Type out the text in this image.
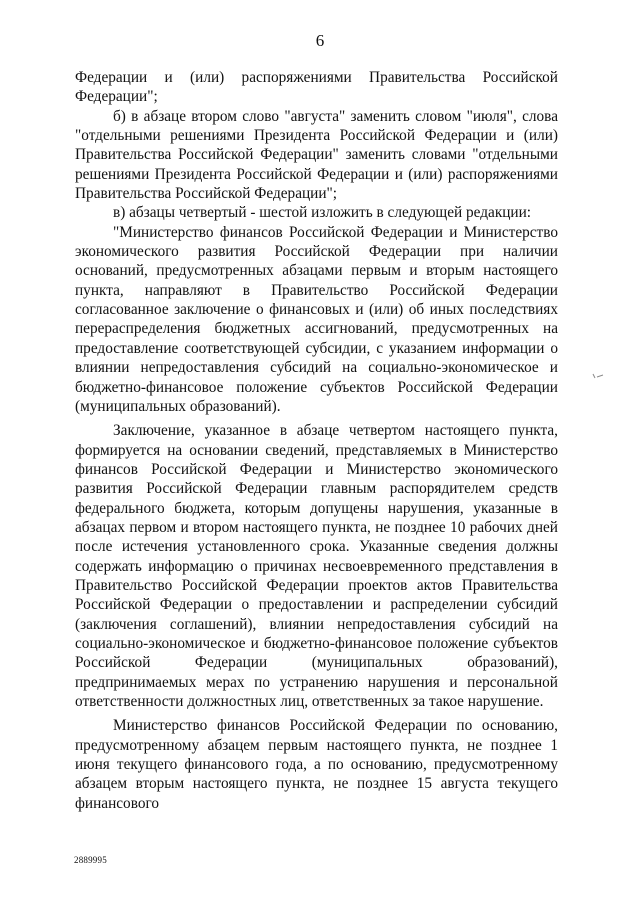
6

Федерации и (или) распоряжениями Правительства Российской Федерации";

б) в абзаце втором слово "августа" заменить словом "июля", слова "отдельными решениями Президента Российской Федерации и (или) Правительства Российской Федерации" заменить словами "отдельными решениями Президента Российской Федерации и (или) распоряжениями Правительства Российской Федерации";

в) абзацы четвертый - шестой изложить в следующей редакции:

"Министерство финансов Российской Федерации и Министерство экономического развития Российской Федерации при наличии оснований, предусмотренных абзацами первым и вторым настоящего пункта, направляют в Правительство Российской Федерации согласованное заключение о финансовых и (или) об иных последствиях перераспределения бюджетных ассигнований, предусмотренных на предоставление соответствующей субсидии, с указанием информации о влиянии непредоставления субсидий на социально-экономическое и бюджетно-финансовое положение субъектов Российской Федерации (муниципальных образований).

Заключение, указанное в абзаце четвертом настоящего пункта, формируется на основании сведений, представляемых в Министерство финансов Российской Федерации и Министерство экономического развития Российской Федерации главным распорядителем средств федерального бюджета, которым допущены нарушения, указанные в абзацах первом и втором настоящего пункта, не позднее 10 рабочих дней после истечения установленного срока. Указанные сведения должны содержать информацию о причинах несвоевременного представления в Правительство Российской Федерации проектов актов Правительства Российской Федерации о предоставлении и распределении субсидий (заключения соглашений), влиянии непредоставления субсидий на социально-экономическое и бюджетно-финансовое положение субъектов Российской Федерации (муниципальных образований), предпринимаемых мерах по устранению нарушения и персональной ответственности должностных лиц, ответственных за такое нарушение.

Министерство финансов Российской Федерации по основанию, предусмотренному абзацем первым настоящего пункта, не позднее 1 июня текущего финансового года, а по основанию, предусмотренному абзацем вторым настоящего пункта, не позднее 15 августа текущего финансового

2889995
